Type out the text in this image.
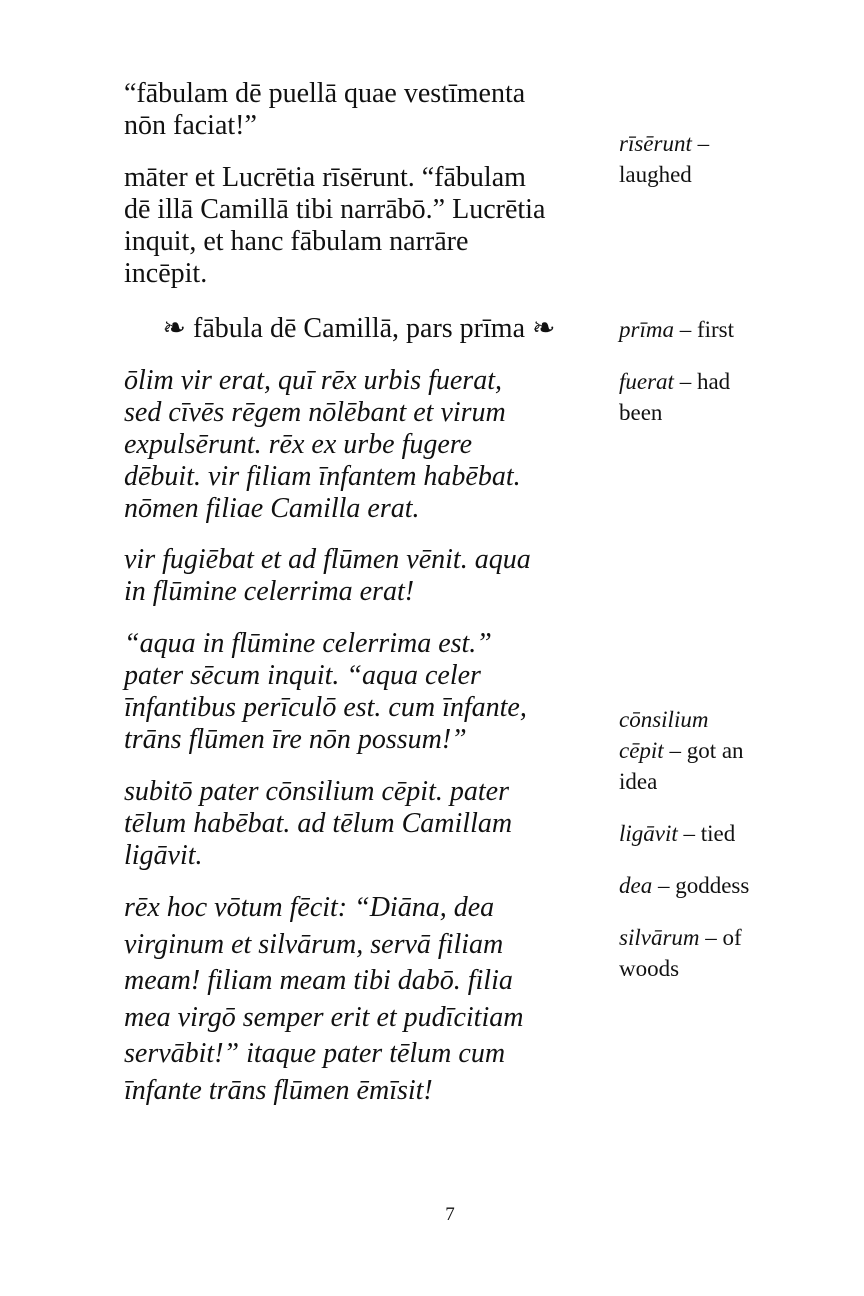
“fābulam dē puellā quae vestīmenta
nōn faciat!”
māter et Lucrētia rīsērunt. “fābulam
dē illā Camillā tibi narrābō.” Lucrētia
inquit, et hanc fābulam narrāre
incēpit.
❧ fābula dē Camillā, pars prīma ❧
ōlim vir erat, quī rēx urbis fuerat,
sed cīvēs rēgem nōlēbant et virum
expulsērunt. rēx ex urbe fugere
dēbuit. vir filiam īnfantem habēbat.
nōmen filiae Camilla erat.
vir fugiēbat et ad flūmen vēnit. aqua
in flūmine celerrima erat!
“aqua in flūmine celerrima est.”
pater sēcum inquit. “aqua celer
īnfantibus perīculō est. cum īnfante,
trāns flūmen īre nōn possum!”
subitō pater cōnsilium cēpit. pater
tēlum habēbat. ad tēlum Camillam
ligāvit.
rēx hoc vōtum fēcit: “Diāna, dea
virginum et silvārum, servā filiam
meam! filiam meam tibi dabō. filia
mea virgō semper erit et pudīcitiam
servābit!” itaque pater tēlum cum
īnfante trāns flūmen ēmīsit!
rīsērunt –
laughed
prīma – first
fuerat – had
been
cōnsilium
cēpit – got an
idea
ligāvit – tied
dea – goddess
silvārum – of
woods
7
